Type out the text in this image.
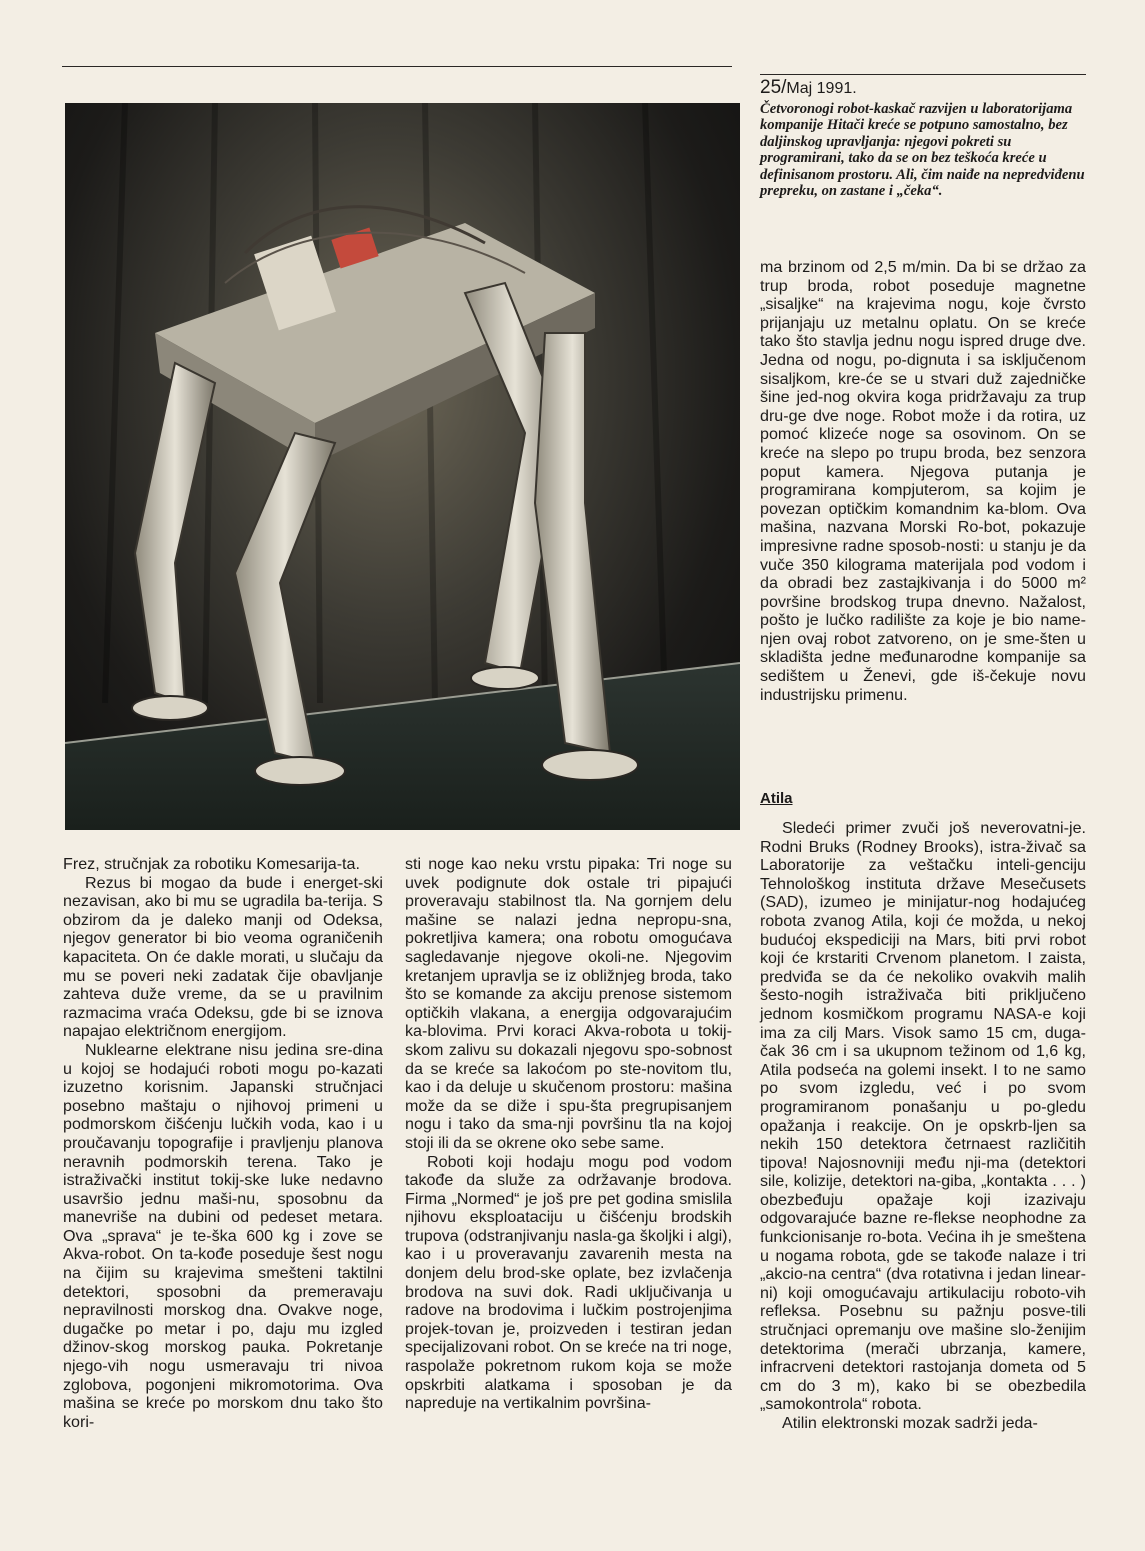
25/Maj 1991.

Četvoronogi robot-kaskač razvijen u laboratorijama kompanije Hitači kreće se potpuno samostalno, bez daljinskog upravljanja: njegovi pokreti su programirani, tako da se on bez teškoća kreće u definisanom prostoru. Ali, čim naiđe na nepredviđenu prepreku, on zastane i „čeka“.

Frez, stručnjak za robotiku Komesarija-ta.

Rezus bi mogao da bude i energet-ski nezavisan, ako bi mu se ugradila ba-terija. S obzirom da je daleko manji od Odeksa, njegov generator bi bio veoma ograničenih kapaciteta. On će dakle morati, u slučaju da mu se poveri neki zadatak čije obavljanje zahteva duže vreme, da se u pravilnim razmacima vraća Odeksu, gde bi se iznova napajao električnom energijom.

Nuklearne elektrane nisu jedina sre-dina u kojoj se hodajući roboti mogu po-kazati izuzetno korisnim. Japanski stručnjaci posebno maštaju o njihovoj primeni u podmorskom čišćenju lučkih voda, kao i u proučavanju topografije i pravljenju planova neravnih podmorskih terena. Tako je istraživački institut tokij-ske luke nedavno usavršio jednu maši-nu, sposobnu da manevriše na dubini od pedeset metara. Ova „sprava“ je te-ška 600 kg i zove se Akva-robot. On ta-kođe poseduje šest nogu na čijim su krajevima smešteni taktilni detektori, sposobni da premeravaju nepravilnosti morskog dna. Ovakve noge, dugačke po metar i po, daju mu izgled džinov-skog morskog pauka. Pokretanje njego-vih nogu usmeravaju tri nivoa zglobova, pogonjeni mikromotorima. Ova mašina se kreće po morskom dnu tako što kori-

sti noge kao neku vrstu pipaka: Tri noge su uvek podignute dok ostale tri pipajući proveravaju stabilnost tla. Na gornjem delu mašine se nalazi jedna nepropu-sna, pokretljiva kamera; ona robotu omogućava sagledavanje njegove okoli-ne. Njegovim kretanjem upravlja se iz obližnjeg broda, tako što se komande za akciju prenose sistemom optičkih vlakana, a energija odgovarajućim ka-blovima. Prvi koraci Akva-robota u tokij-skom zalivu su dokazali njegovu spo-sobnost da se kreće sa lakoćom po ste-novitom tlu, kao i da deluje u skučenom prostoru: mašina može da se diže i spu-šta pregrupisanjem nogu i tako da sma-nji površinu tla na kojoj stoji ili da se okrene oko sebe same.

Roboti koji hodaju mogu pod vodom takođe da služe za održavanje brodova. Firma „Normed“ je još pre pet godina smislila njihovu eksploataciju u čišćenju brodskih trupova (odstranjivanju nasla-ga školjki i algi), kao i u proveravanju zavarenih mesta na donjem delu brod-ske oplate, bez izvlačenja brodova na suvi dok. Radi uključivanja u radove na brodovima i lučkim postrojenjima projek-tovan je, proizveden i testiran jedan specijalizovani robot. On se kreće na tri noge, raspolaže pokretnom rukom koja se može opskrbiti alatkama i sposoban je da napreduje na vertikalnim površina-

ma brzinom od 2,5 m/min. Da bi se držao za trup broda, robot poseduje magnetne „sisaljke“ na krajevima nogu, koje čvrsto prijanjaju uz metalnu oplatu. On se kreće tako što stavlja jednu nogu ispred druge dve. Jedna od nogu, po-dignuta i sa isključenom sisaljkom, kre-će se u stvari duž zajedničke šine jed-nog okvira koga pridržavaju za trup dru-ge dve noge. Robot može i da rotira, uz pomoć klizeće noge sa osovinom. On se kreće na slepo po trupu broda, bez senzora poput kamera. Njegova putanja je programirana kompjuterom, sa kojim je povezan optičkim komandnim ka-blom. Ova mašina, nazvana Morski Ro-bot, pokazuje impresivne radne sposob-nosti: u stanju je da vuče 350 kilograma materijala pod vodom i da obradi bez zastajkivanja i do 5000 m² površine brodskog trupa dnevno. Nažalost, pošto je lučko radilište za koje je bio name-njen ovaj robot zatvoreno, on je sme-šten u skladišta jedne međunarodne kompanije sa sedištem u Ženevi, gde iš-čekuje novu industrijsku primenu.

Atila

Sledeći primer zvuči još neverovatni-je. Rodni Bruks (Rodney Brooks), istra-živač sa Laboratorije za veštačku inteli-genciju Tehnološkog instituta države Mesečusets (SAD), izumeo je minijatur-nog hodajućeg robota zvanog Atila, koji će možda, u nekoj budućoj ekspediciji na Mars, biti prvi robot koji će krstariti Crvenom planetom. I zaista, predviđa se da će nekoliko ovakvih malih šesto-nogih istraživača biti priključeno jednom kosmičkom programu NASA-e koji ima za cilj Mars. Visok samo 15 cm, duga-čak 36 cm i sa ukupnom težinom od 1,6 kg, Atila podseća na golemi insekt. I to ne samo po svom izgledu, već i po svom programiranom ponašanju u po-gledu opažanja i reakcije. On je opskrb-ljen sa nekih 150 detektora četrnaest različitih tipova! Najosnovniji među nji-ma (detektori sile, kolizije, detektori na-giba, „kontakta . . . ) obezbeđuju opažaje koji izazivaju odgovarajuće bazne re-flekse neophodne za funkcionisanje ro-bota. Većina ih je smeštena u nogama robota, gde se takođe nalaze i tri „akcio-na centra“ (dva rotativna i jedan linear-ni) koji omogućavaju artikulaciju roboto-vih refleksa. Posebnu su pažnju posve-tili stručnjaci opremanju ove mašine slo-ženijim detektorima (merači ubrzanja, kamere, infracrveni detektori rastojanja dometa od 5 cm do 3 m), kako bi se obezbedila „samokontrola“ robota.

Atilin elektronski mozak sadrži jeda-
